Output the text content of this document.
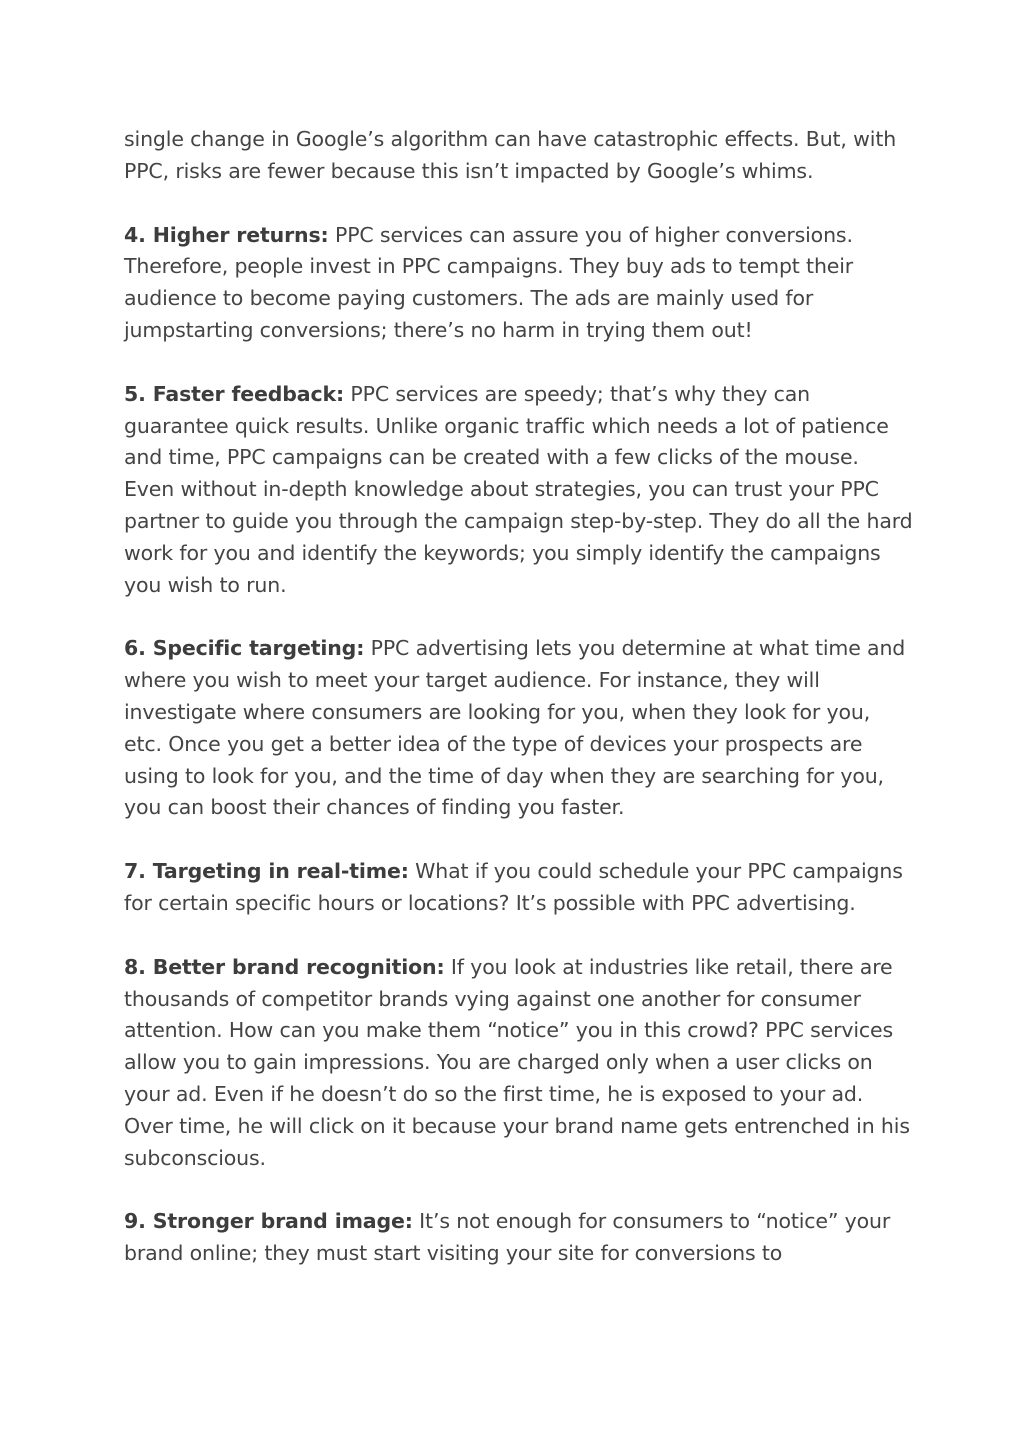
single change in Google’s algorithm can have catastrophic effects. But, with PPC, risks are fewer because this isn’t impacted by Google’s whims.

4. Higher returns: PPC services can assure you of higher conversions. Therefore, people invest in PPC campaigns. They buy ads to tempt their audience to become paying customers. The ads are mainly used for jumpstarting conversions; there’s no harm in trying them out!

5. Faster feedback: PPC services are speedy; that’s why they can guarantee quick results. Unlike organic traffic which needs a lot of patience and time, PPC campaigns can be created with a few clicks of the mouse. Even without in-depth knowledge about strategies, you can trust your PPC partner to guide you through the campaign step-by-step. They do all the hard work for you and identify the keywords; you simply identify the campaigns you wish to run.

6. Specific targeting: PPC advertising lets you determine at what time and where you wish to meet your target audience. For instance, they will investigate where consumers are looking for you, when they look for you, etc. Once you get a better idea of the type of devices your prospects are using to look for you, and the time of day when they are searching for you, you can boost their chances of finding you faster.

7. Targeting in real-time: What if you could schedule your PPC campaigns for certain specific hours or locations? It’s possible with PPC advertising.

8. Better brand recognition: If you look at industries like retail, there are thousands of competitor brands vying against one another for consumer attention. How can you make them “notice” you in this crowd? PPC services allow you to gain impressions. You are charged only when a user clicks on your ad. Even if he doesn’t do so the first time, he is exposed to your ad. Over time, he will click on it because your brand name gets entrenched in his subconscious.

9. Stronger brand image: It’s not enough for consumers to “notice” your brand online; they must start visiting your site for conversions to
